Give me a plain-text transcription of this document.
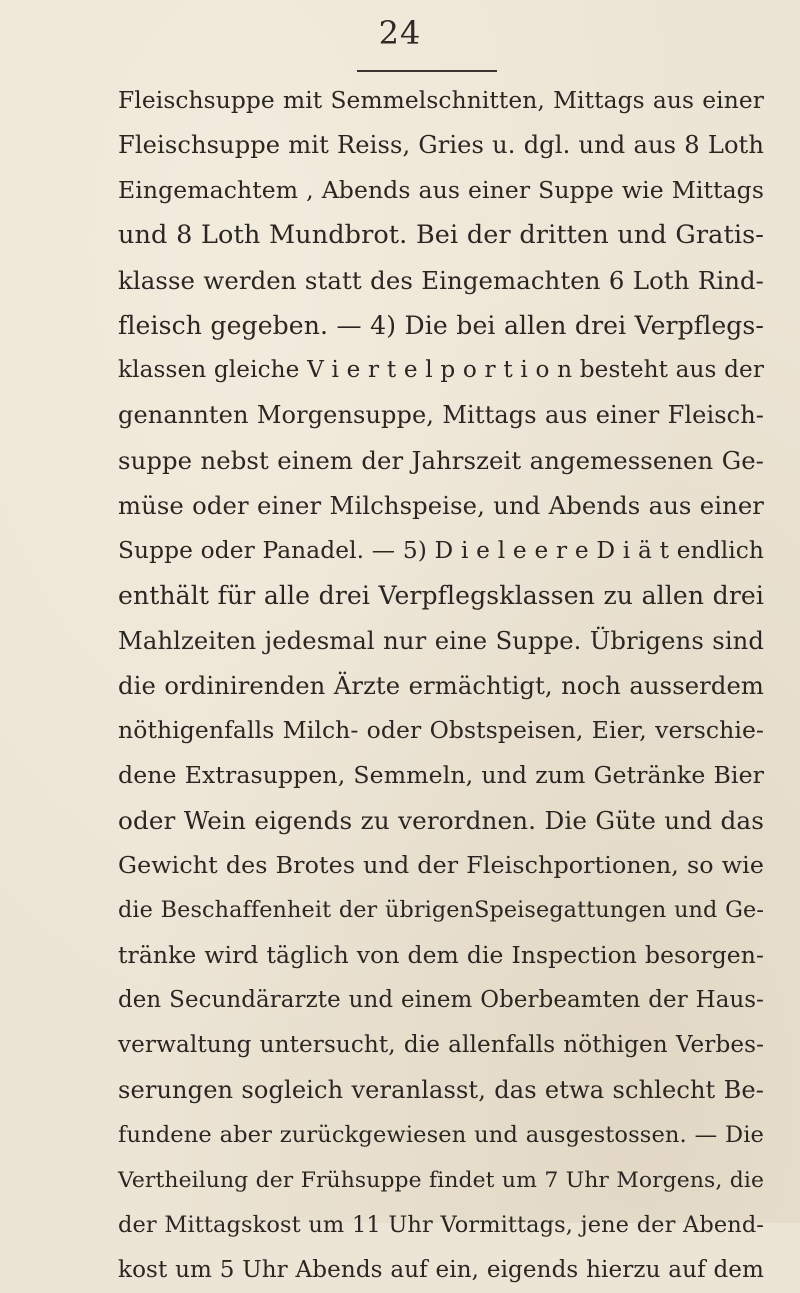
24
Fleischsuppe mit Semmelschnitten, Mittags aus einer
Fleischsuppe mit Reiss, Gries u. dgl. und aus 8 Loth
Eingemachtem , Abends aus einer Suppe wie Mittags
und 8 Loth Mundbrot. Bei der dritten und Gratis-
klasse werden statt des Eingemachten 6 Loth Rind-
fleisch gegeben. — 4) Die bei allen drei Verpflegs-
klassen gleiche V i e r t e l p o r t i o n besteht aus der
genannten Morgensuppe, Mittags aus einer Fleisch-
suppe nebst einem der Jahrszeit angemessenen Ge-
müse oder einer Milchspeise, und Abends aus einer
Suppe oder Panadel. — 5) D i e l e e r e D i ä t endlich
enthält für alle drei Verpflegsklassen zu allen drei
Mahlzeiten jedesmal nur eine Suppe. Übrigens sind
die ordinirenden Ärzte ermächtigt, noch ausserdem
nöthigenfalls Milch- oder Obstspeisen, Eier, verschie-
dene Extrasuppen, Semmeln, und zum Getränke Bier
oder Wein eigends zu verordnen. Die Güte und das
Gewicht des Brotes und der Fleischportionen, so wie
die Beschaffenheit der übrigenSpeisegattungen und Ge-
tränke wird täglich von dem die Inspection besorgen-
den Secundärarzte und einem Oberbeamten der Haus-
verwaltung untersucht, die allenfalls nöthigen Verbes-
serungen sogleich veranlasst, das etwa schlecht Be-
fundene aber zurückgewiesen und ausgestossen. — Die
Vertheilung der Frühsuppe findet um 7 Uhr Morgens, die
der Mittagskost um 11 Uhr Vormittags, jene der Abend-
kost um 5 Uhr Abends auf ein, eigends hierzu auf dem
